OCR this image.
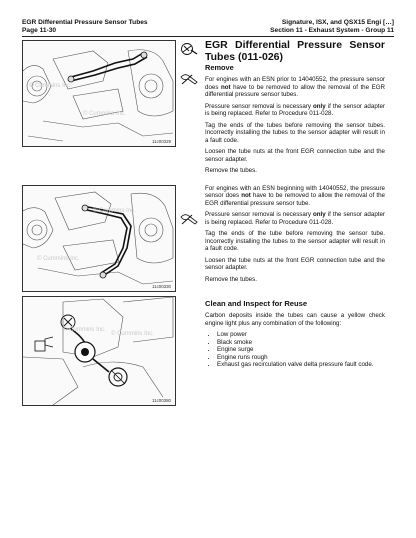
EGR Differential Pressure Sensor Tubes
Page 11-30
Signature, ISX, and QSX15 Engi […]
Section 11 - Exhaust System - Group 11
© Cummins Inc.
© Cummins Inc.
11c00329
© Cummins Inc.
© Cummins Inc.
11c00330
© Cummins Inc.
© Cummins Inc.
11c00380
EGR Differential Pressure Sensor Tubes (011-026)
Remove

For engines with an ESN prior to 14040552, the pressure sensor does not have to be removed to allow the removal of the EGR differential pressure sensor tubes.

Pressure sensor removal is necessary only if the sensor adapter is being replaced. Refer to Procedure 011-028.

Tag the ends of the tubes before removing the sensor tubes. Incorrectly installing the tubes to the sensor adapter will result in a fault code.

Loosen the tube nuts at the front EGR connection tube and the sensor adapter.

Remove the tubes.

For engines with an ESN beginning with 14040552, the pressure sensor does not have to be removed to allow the removal of the EGR differential pressure sensor tube.

Pressure sensor removal is necessary only if the sensor adapter is being replaced. Refer to Procedure 011-028.

Tag the ends of the tube before removing the sensor tube. Incorrectly installing the tubes to the sensor adapter will result in a fault code.

Loosen the tube nuts at the front EGR connection tube and the sensor adapter.

Remove the tubes.

Clean and Inspect for Reuse

Carbon deposits inside the tubes can cause a yellow check engine light plus any combination of the following:

• Low power
• Black smoke
• Engine surge
• Engine runs rough
• Exhaust gas recirculation valve delta pressure fault code.
